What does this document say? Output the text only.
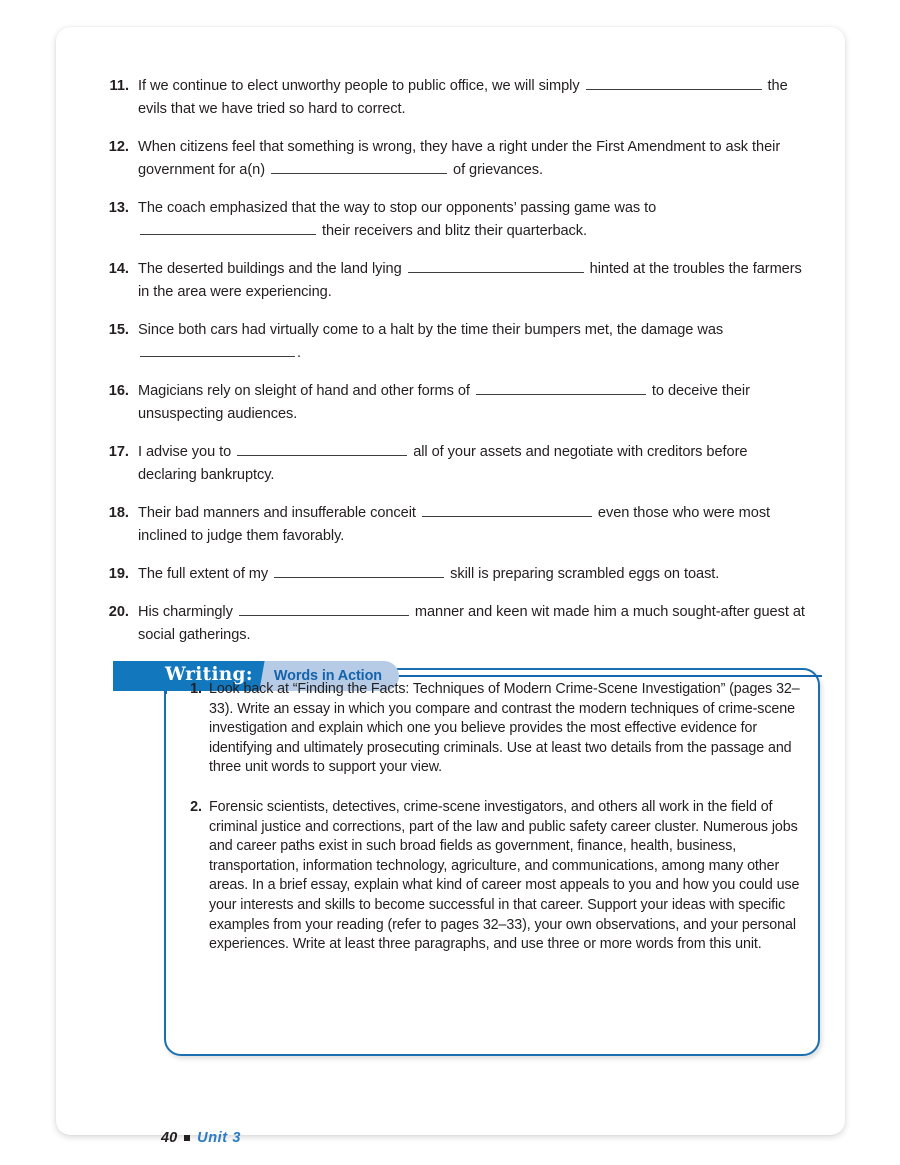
11. If we continue to elect unworthy people to public office, we will simply	the evils that we have tried so hard to correct.
12. When citizens feel that something is wrong, they have a right under the First Amendment to ask their government for a(n)	of grievances.
13. The coach emphasized that the way to stop our opponents’ passing game was to  their receivers and blitz their quarterback.
14. The deserted buildings and the land lying	hinted at the troubles the farmers in the area were experiencing.
15. Since both cars had virtually come to a halt by the time their bumpers met, the damage was .
16. Magicians rely on sleight of hand and other forms of	to deceive their unsuspecting audiences.
17. I advise you to	all of your assets and negotiate with creditors before declaring bankruptcy.
18. Their bad manners and insufferable conceit	even those who were most inclined to judge them favorably.
19. The full extent of my	skill is preparing scrambled eggs on toast.
20. His charmingly	manner and keen wit made him a much sought-after guest at social gatherings.
Writing: Words in Action
1. Look back at “Finding the Facts: Techniques of Modern Crime-Scene Investigation” (pages 32–33). Write an essay in which you compare and contrast the modern techniques of crime-scene investigation and explain which one you believe provides the most effective evidence for identifying and ultimately prosecuting criminals. Use at least two details from the passage and three unit words to support your view.
2. Forensic scientists, detectives, crime-scene investigators, and others all work in the field of criminal justice and corrections, part of the law and public safety career cluster. Numerous jobs and career paths exist in such broad fields as government, finance, health, business, transportation, information technology, agriculture, and communications, among many other areas. In a brief essay, explain what kind of career most appeals to you and how you could use your interests and skills to become successful in that career. Support your ideas with specific examples from your reading (refer to pages 32–33), your own observations, and your personal experiences. Write at least three paragraphs, and use three or more words from this unit.
40 Unit 3
